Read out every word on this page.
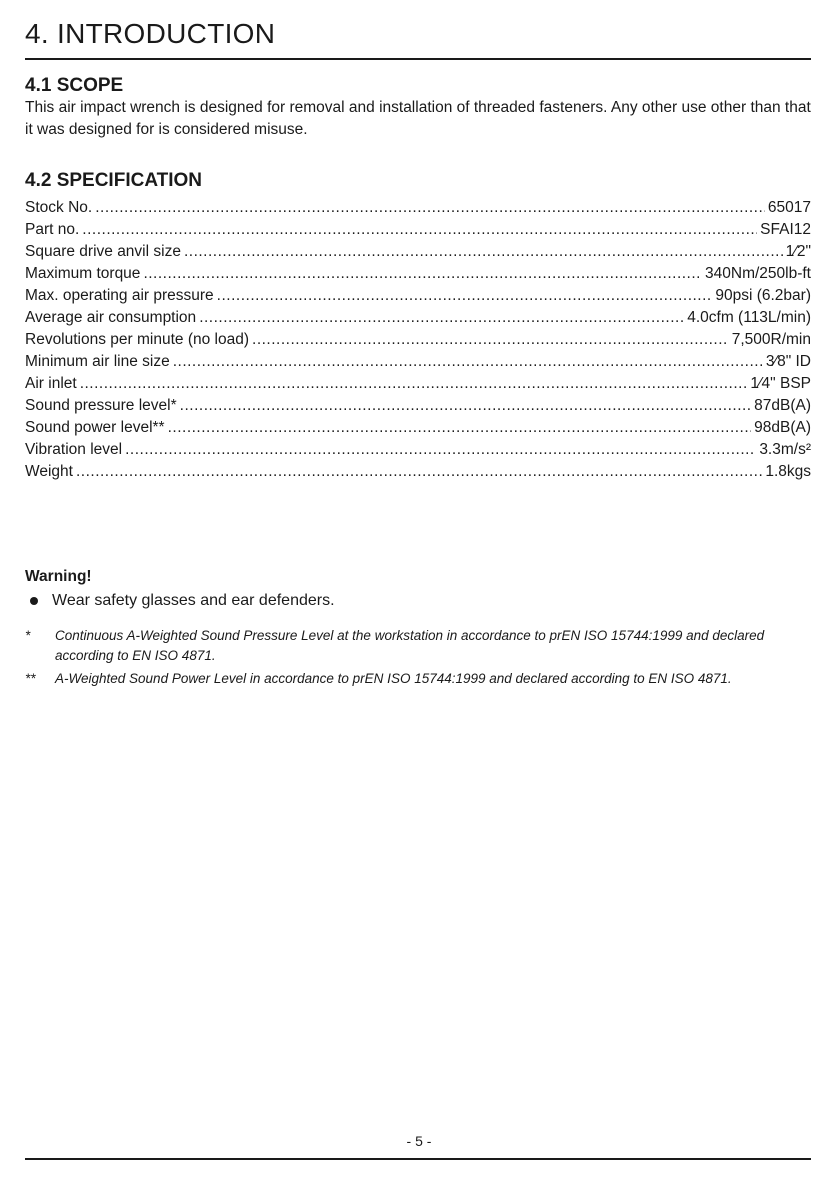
4. INTRODUCTION
4.1 SCOPE

This air impact wrench is designed for removal and installation of threaded fasteners. Any other use other than that it was designed for is considered misuse.

4.2 SPECIFICATION
Stock No. .....	65017
Part no. .....	SFAI12
Square drive anvil size .....	1⁄2"
Maximum torque .....	340Nm/250lb-ft
Max. operating air pressure .....	90psi (6.2bar)
Average air consumption .....	4.0cfm (113L/min)
Revolutions per minute (no load) .....	7,500R/min
Minimum air line size .....	3⁄8" ID
Air inlet .....	1⁄4" BSP
Sound pressure level* .....	87dB(A)
Sound power level** .....	98dB(A)
Vibration level .....	3.3m/s²
Weight .....	1.8kgs
Warning!
Wear safety glasses and ear defenders.
*	Continuous A-Weighted Sound Pressure Level at the workstation in accordance to prEN ISO 15744:1999 and declared according to EN ISO 4871.
**	A-Weighted Sound Power Level in accordance to prEN ISO 15744:1999 and declared according to EN ISO 4871.
- 5 -
